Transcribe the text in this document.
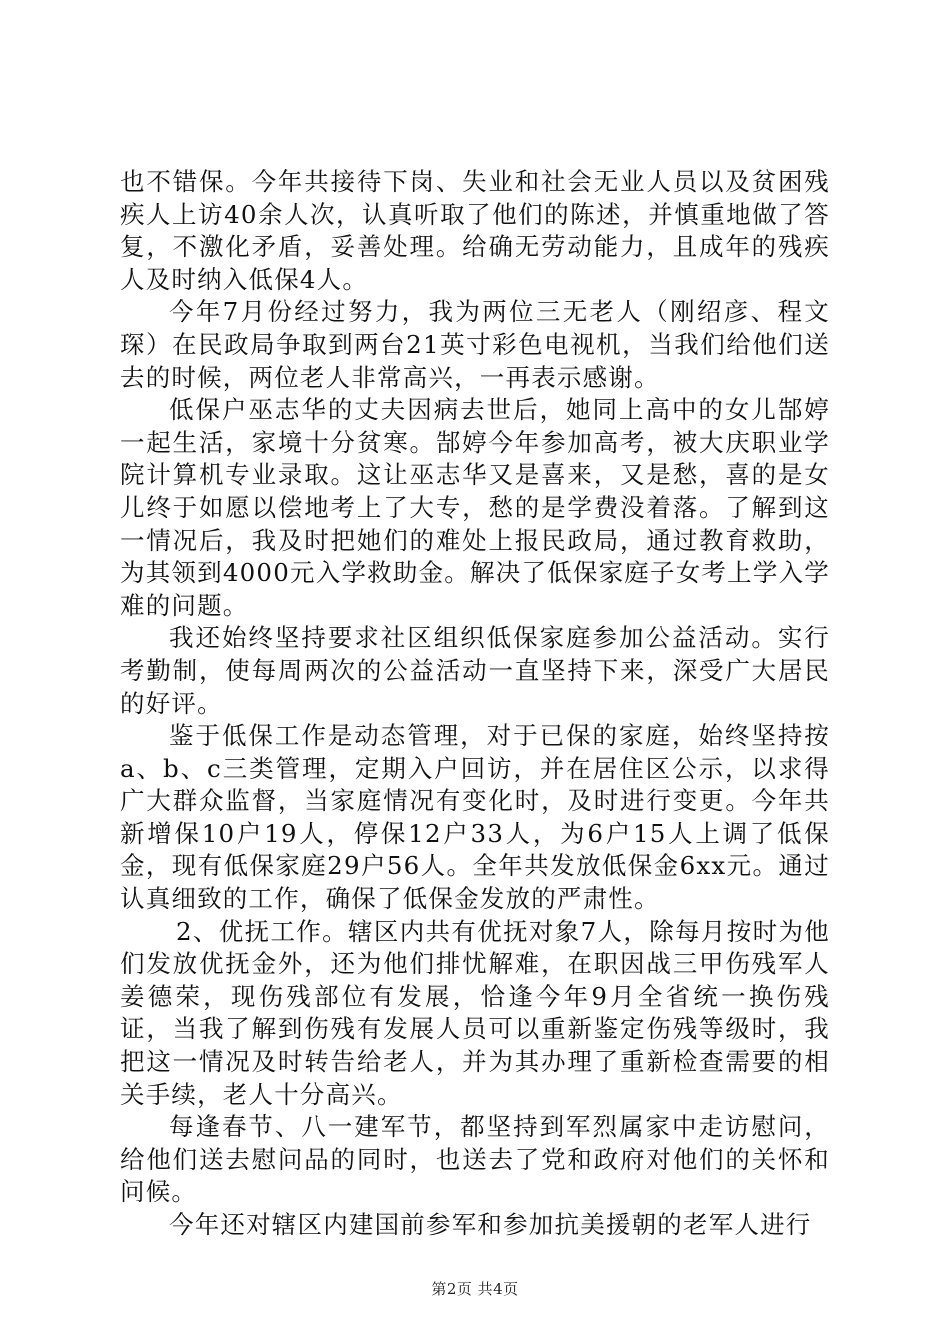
也不错保。今年共接待下岗、失业和社会无业人员以及贫困残疾人上访40余人次，认真听取了他们的陈述，并慎重地做了答复，不激化矛盾，妥善处理。给确无劳动能力，且成年的残疾人及时纳入低保4人。

今年7月份经过努力，我为两位三无老人（刚绍彦、程文琛）在民政局争取到两台21英寸彩色电视机，当我们给他们送去的时候，两位老人非常高兴，一再表示感谢。

低保户巫志华的丈夫因病去世后，她同上高中的女儿郜婷一起生活，家境十分贫寒。郜婷今年参加高考，被大庆职业学院计算机专业录取。这让巫志华又是喜来，又是愁，喜的是女儿终于如愿以偿地考上了大专，愁的是学费没着落。了解到这一情况后，我及时把她们的难处上报民政局，通过教育救助，为其领到4000元入学救助金。解决了低保家庭子女考上学入学难的问题。

我还始终坚持要求社区组织低保家庭参加公益活动。实行考勤制，使每周两次的公益活动一直坚持下来，深受广大居民的好评。

鉴于低保工作是动态管理，对于已保的家庭，始终坚持按a、b、c三类管理，定期入户回访，并在居住区公示，以求得广大群众监督，当家庭情况有变化时，及时进行变更。今年共新增保10户19人，停保12户33人，为6户15人上调了低保金，现有低保家庭29户56人。全年共发放低保金6xx元。通过认真细致的工作，确保了低保金发放的严肃性。

2、优抚工作。辖区内共有优抚对象7人，除每月按时为他们发放优抚金外，还为他们排忧解难，在职因战三甲伤残军人姜德荣，现伤残部位有发展，恰逢今年9月全省统一换伤残证，当我了解到伤残有发展人员可以重新鉴定伤残等级时，我把这一情况及时转告给老人，并为其办理了重新检查需要的相关手续，老人十分高兴。

每逢春节、八一建军节，都坚持到军烈属家中走访慰问，给他们送去慰问品的同时，也送去了党和政府对他们的关怀和问候。

今年还对辖区内建国前参军和参加抗美援朝的老军人进行

第2页 共4页
